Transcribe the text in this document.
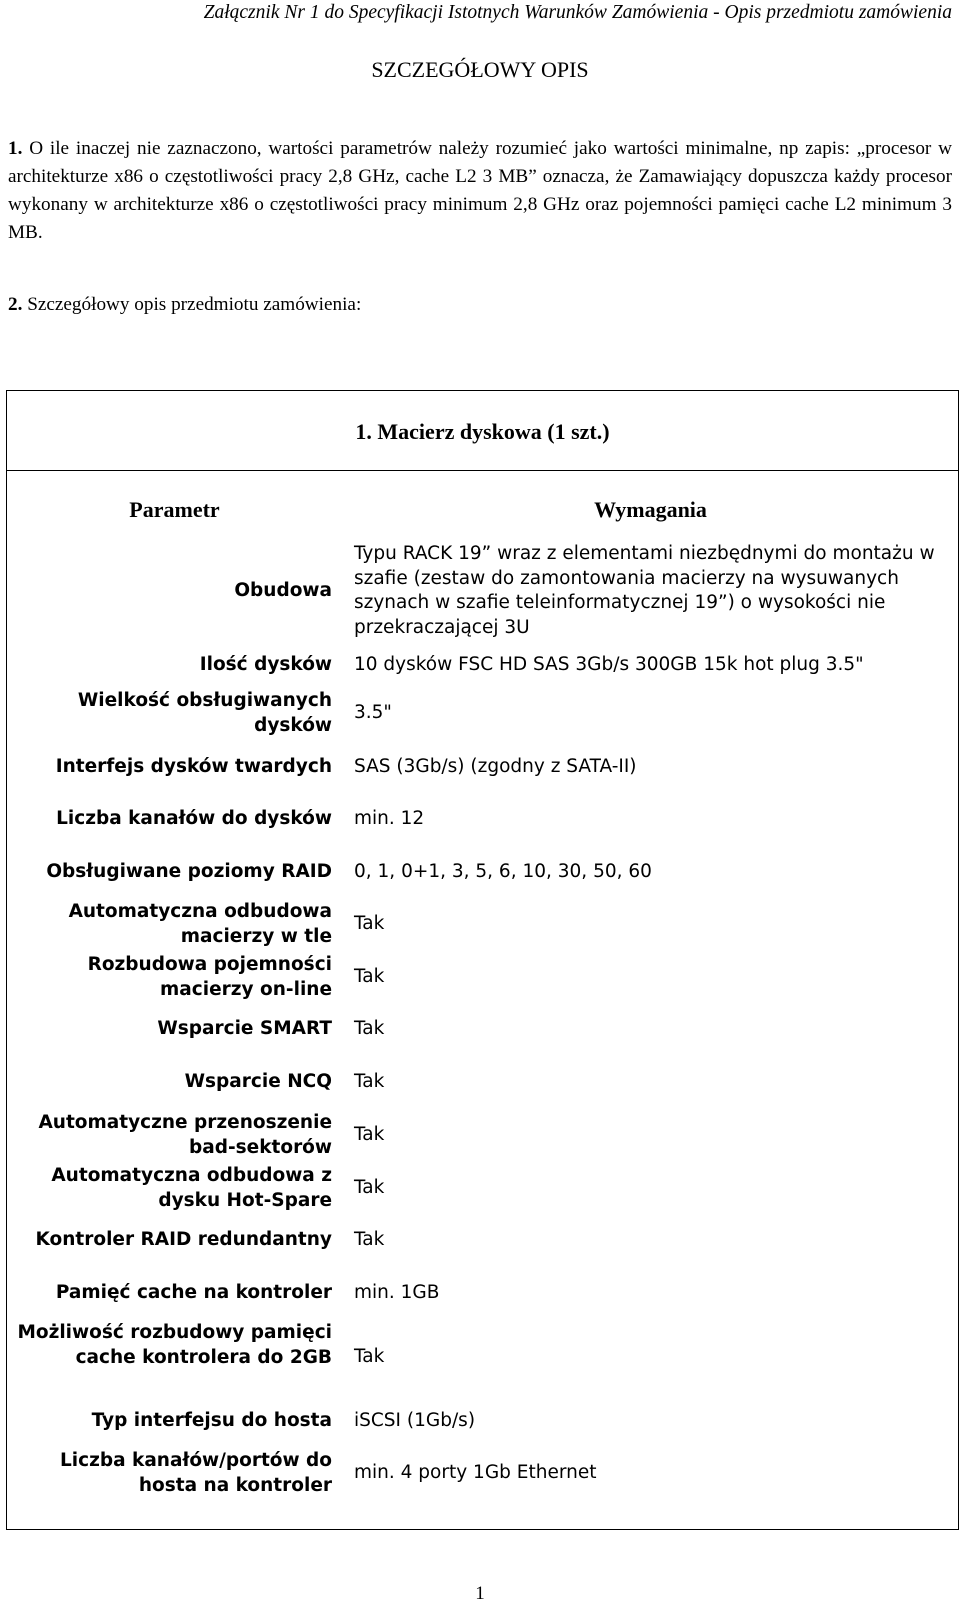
Załącznik Nr 1 do Specyfikacji Istotnych Warunków Zamówienia - Opis przedmiotu zamówienia
SZCZEGÓŁOWY OPIS
1. O ile inaczej nie zaznaczono, wartości parametrów należy rozumieć jako wartości minimalne, np zapis: „procesor w architekturze x86 o częstotliwości pracy 2,8 GHz, cache L2 3 MB” oznacza, że Zamawiający dopuszcza każdy procesor wykonany w architekturze x86 o częstotliwości pracy minimum 2,8 GHz oraz pojemności pamięci cache L2 minimum 3 MB.
2. Szczegółowy opis przedmiotu zamówienia:
1. Macierz dyskowa (1 szt.)
Parametr	Wymagania
Obudowa
Typu RACK 19” wraz z elementami niezbędnymi do montażu w szafie (zestaw do zamontowania macierzy na wysuwanych szynach w szafie teleinformatycznej 19”) o wysokości nie przekraczającej 3U
Ilość dysków 10 dysków FSC HD SAS 3Gb/s 300GB 15k hot plug 3.5"
Wielkość obsługiwanych dysków
3.5"
Interfejs dysków twardych SAS (3Gb/s) (zgodny z SATA-II)
Liczba kanałów do dysków min. 12
Obsługiwane poziomy RAID 0, 1, 0+1, 3, 5, 6, 10, 30, 50, 60
Automatyczna odbudowa macierzy w tle
Tak
Rozbudowa pojemności macierzy on-line
Tak
Wsparcie SMART Tak
Wsparcie NCQ Tak
Automatyczne przenoszenie bad-sektorów
Tak
Automatyczna odbudowa z dysku Hot-Spare
Tak
Kontroler RAID redundantny Tak
Pamięć cache na kontroler min. 1GB
Możliwość rozbudowy pamięci cache kontrolera do 2GB Tak
Typ interfejsu do hosta iSCSI (1Gb/s)
Liczba kanałów/portów do hosta na kontroler
min. 4 porty 1Gb Ethernet
1
